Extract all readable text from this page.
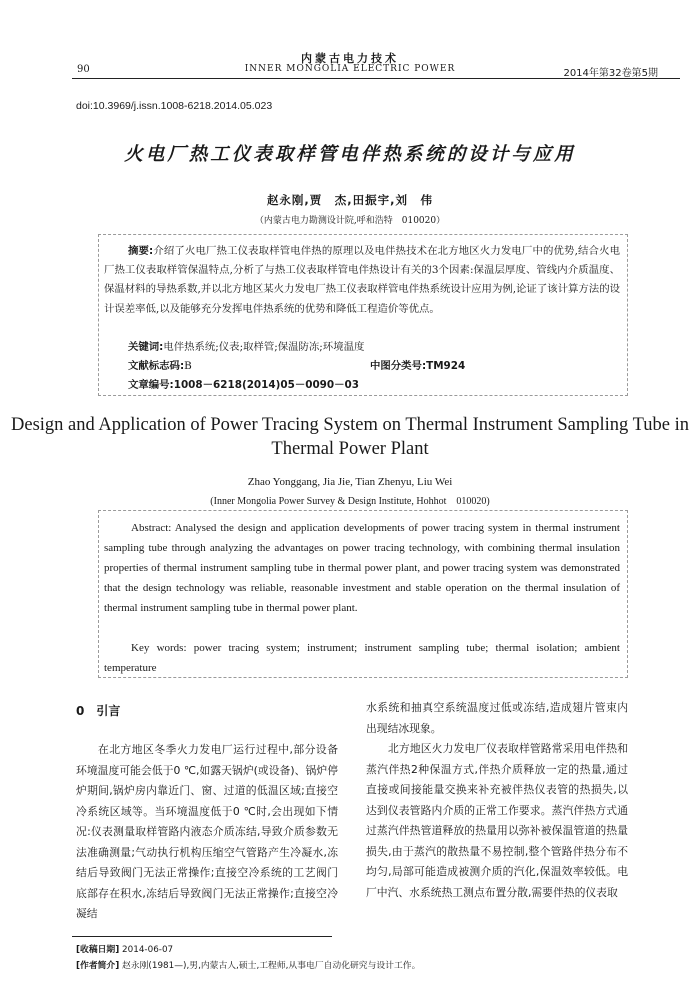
内蒙古电力技术
90	INNER MONGOLIA ELECTRIC POWER	2014年第32卷第5期
doi:10.3969/j.issn.1008-6218.2014.05.023
火电厂热工仪表取样管电伴热系统的设计与应用
赵永刚,贾　杰,田振宇,刘　伟
（内蒙古电力勘测设计院,呼和浩特　010020）
摘要:介绍了火电厂热工仪表取样管电伴热的原理以及电伴热技术在北方地区火力发电厂中的优势,结合火电厂热工仪表取样管保温特点,分析了与热工仪表取样管电伴热设计有关的3个因素:保温层厚度、管线内介质温度、保温材料的导热系数,并以北方地区某火力发电厂热工仪表取样管电伴热系统设计应用为例,论证了该计算方法的设计误差率低,以及能够充分发挥电伴热系统的优势和降低工程造价等优点。
关键词:电伴热系统;仪表;取样管;保温防冻;环境温度
文献标志码:B	中图分类号:TM924
文章编号:1008－6218(2014)05－0090－03
Design and Application of Power Tracing System on Thermal Instrument Sampling Tube in Thermal Power Plant
Zhao Yonggang, Jia Jie, Tian Zhenyu, Liu Wei
(Inner Mongolia Power Survey & Design Institute, Hohhot　010020)
Abstract: Analysed the design and application developments of power tracing system in thermal instrument sampling tube through analyzing the advantages on power tracing technology, with combining thermal insulation properties of thermal instrument sampling tube in thermal power plant, and power tracing system was demonstrated that the design technology was reliable, reasonable investment and stable operation on the thermal insulation of thermal instrument sampling tube in thermal power plant.
Key words: power tracing system; instrument; instrument sampling tube; thermal isolation; ambient temperature
0　 引言

在北方地区冬季火力发电厂运行过程中,部分设备环境温度可能会低于0 ℃,如露天锅炉(或设备)、锅炉停炉期间,锅炉房内靠近门、窗、过道的低温区域;直接空冷系统区域等。当环境温度低于0 ℃时,会出现如下情况:仪表测量取样管路内液态介质冻结,导致介质参数无法准确测量;气动执行机构压缩空气管路产生冷凝水,冻结后导致阀门无法正常操作;直接空冷系统的工艺阀门底部存在积水,冻结后导致阀门无法正常操作;直接空冷凝结

水系统和抽真空系统温度过低或冻结,造成翅片管束内出现结冰现象。

北方地区火力发电厂仪表取样管路常采用电伴热和蒸汽伴热2种保温方式,伴热介质释放一定的热量,通过直接或间接能量交换来补充被伴热仪表管的热损失,以达到仪表管路内介质的正常工作要求。蒸汽伴热方式通过蒸汽伴热管道释放的热量用以弥补被保温管道的热量损失,由于蒸汽的散热量不易控制,整个管路伴热分布不均匀,局部可能造成被测介质的汽化,保温效率较低。电厂中汽、水系统热工测点布置分散,需要伴热的仪表取

[收稿日期] 2014-06-07
[作者简介] 赵永刚(1981—),男,内蒙古人,硕士,工程师,从事电厂自动化研究与设计工作。
